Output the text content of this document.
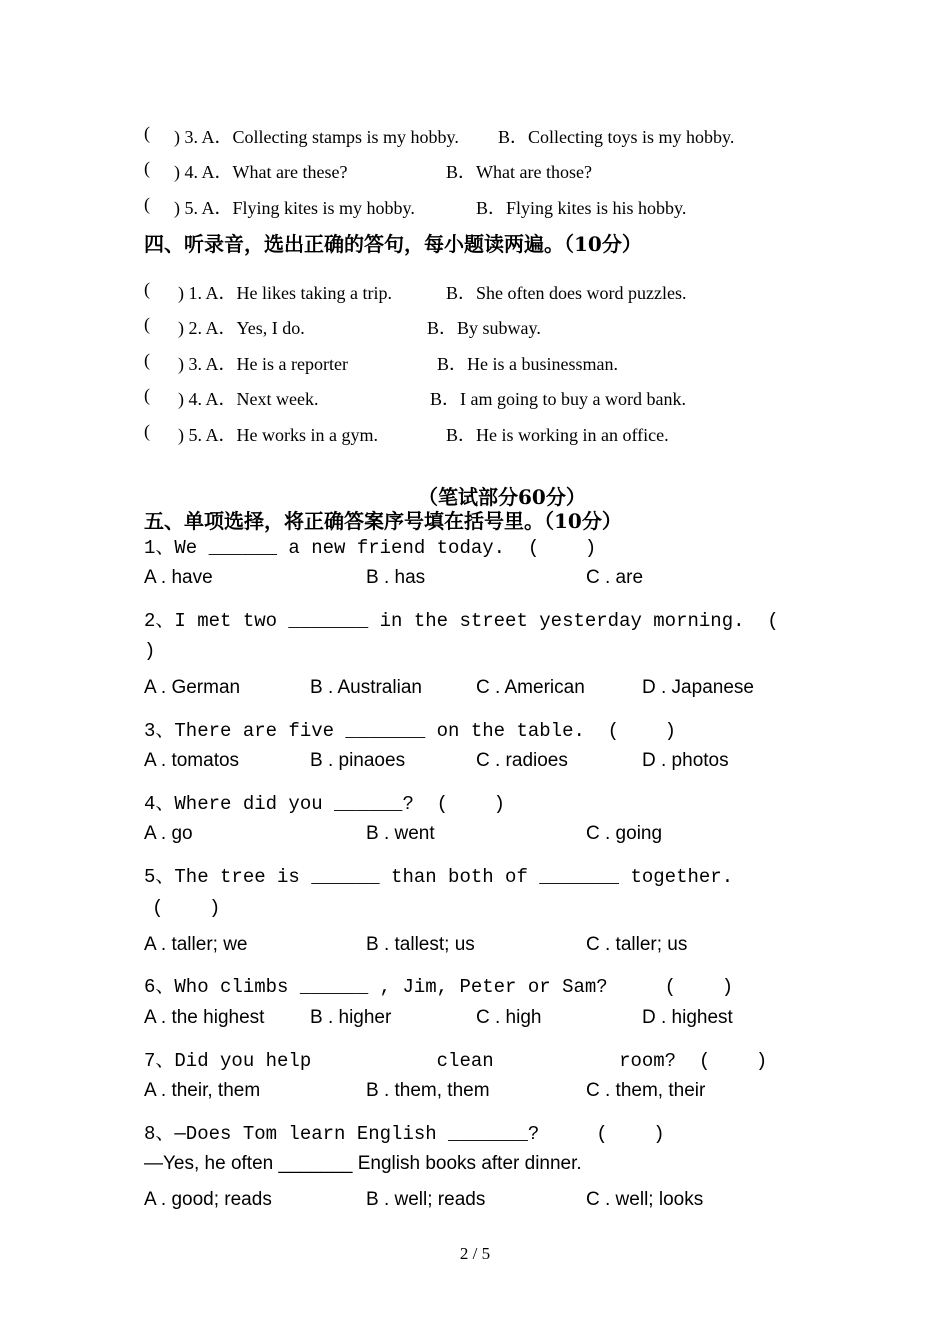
( ) 3. A．Collecting stamps is my hobby. B．Collecting toys is my hobby.
( ) 4. A．What are these?	B．What are those?
( ) 5. A．Flying kites is my hobby.	B．Flying kites is his hobby.
四、听录音，选出正确的答句，每小题读两遍。（10分）
( ) 1. A．He likes taking a trip.	B．She often does word puzzles.
( ) 2. A．Yes, I do.	B．By subway.
( ) 3. A．He is a reporter	B．He is a businessman.
( ) 4. A．Next week.	B．I am going to buy a word bank.
( ) 5. A．He works in a gym.	B．He is working in an office.
（笔试部分60分）
五、单项选择，将正确答案序号填在括号里。（10分）
1、We ______ a new friend today.  (    )
A . have	B . has	C . are
2、I met two _______ in the street yesterday morning.  (
)
A . German	B . Australian	C . American	D . Japanese
3、There are five _______ on the table.  (    )
A . tomatos	B . pinaoes	C . radioes	D . photos
4、Where did you ______?  (    )
A . go	B . went	C . going
5、The tree is ______ than both of _______ together.
(    )
A . taller; we	B . tallest; us	C . taller; us
6、Who climbs ______ , Jim, Peter or Sam?     (    )
A . the highest B . higher	C . high	D . highest
7、Did you help           clean           room?  (    )
A . their, them	B . them, them	C . them, their
8、—Does Tom learn English _______?     (    )
—Yes, he often _______ English books after dinner.
A . good; reads	B . well; reads	C . well; looks
2 / 5
